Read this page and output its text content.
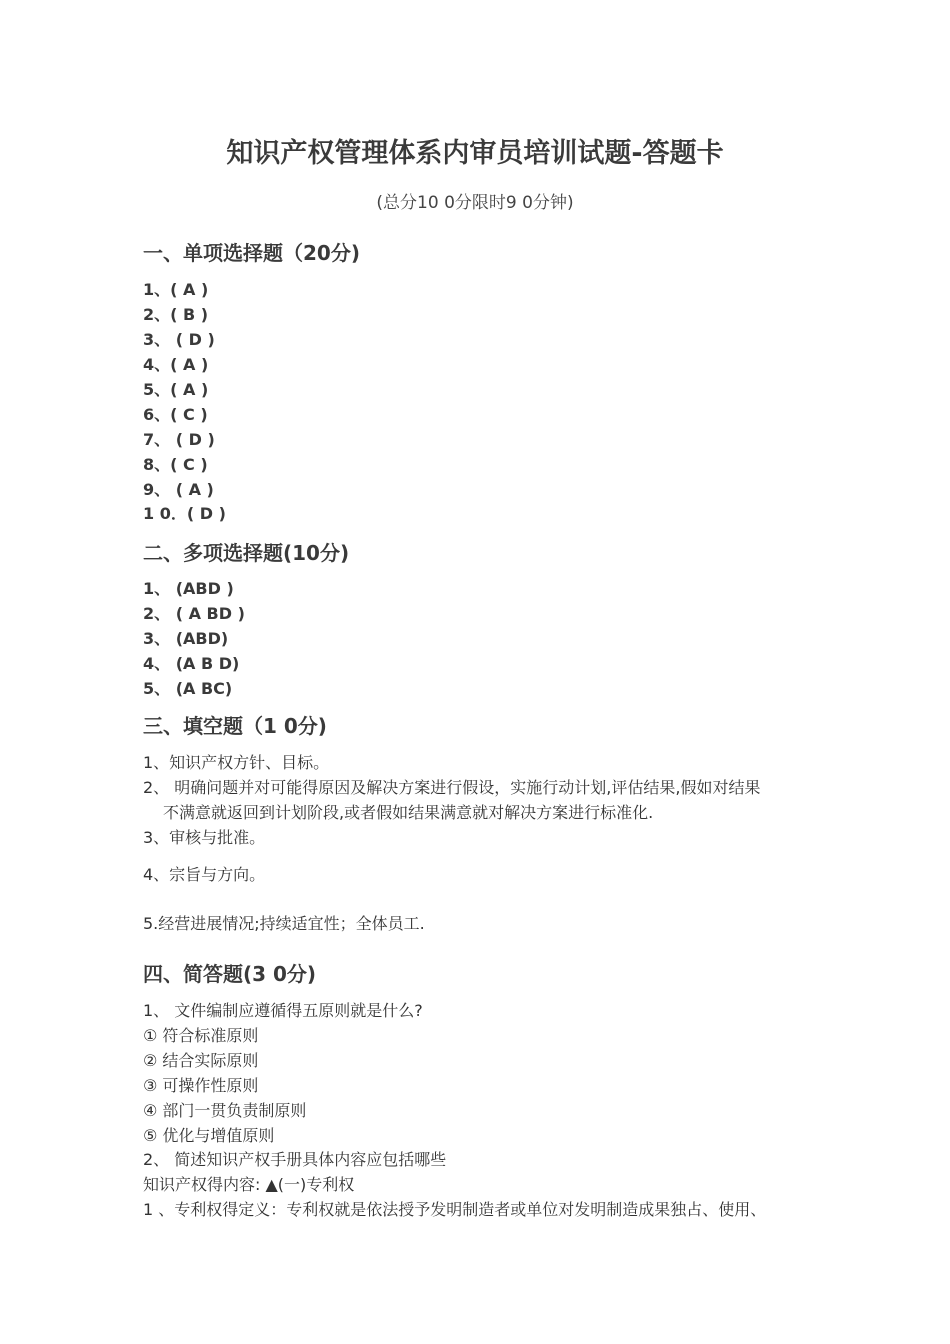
知识产权管理体系内审员培训试题-答题卡
(总分10 0分限时9 0分钟)
一、单项选择题（20分)
1、( A )
2、( B )
3、 ( D )
4、( A )
5、( A )
6、( C )
7、 ( D )
8、( C )
9、 ( A )
1 0．( D )
二、多项选择题(10分)
1、 (ABD )
2、 ( A BD )
3、 (ABD)
4、 (A B D)
5、 (A BC)
三、填空题（1 0分)
1、知识产权方针、目标。
2、 明确问题并对可能得原因及解决方案进行假设，实施行动计划,评估结果,假如对结果
不满意就返回到计划阶段,或者假如结果满意就对解决方案进行标准化.
3、审核与批准。
4、宗旨与方向。
5.经营进展情况;持续适宜性；全体员工.
四、简答题(3 0分)
1、 文件编制应遵循得五原则就是什么?
① 符合标准原则
② 结合实际原则
③ 可操作性原则
④ 部门一贯负责制原则
⑤ 优化与增值原则
2、 简述知识产权手册具体内容应包括哪些
知识产权得内容: ▲(一)专利权
1 、专利权得定义：专利权就是依法授予发明制造者或单位对发明制造成果独占、使用、
